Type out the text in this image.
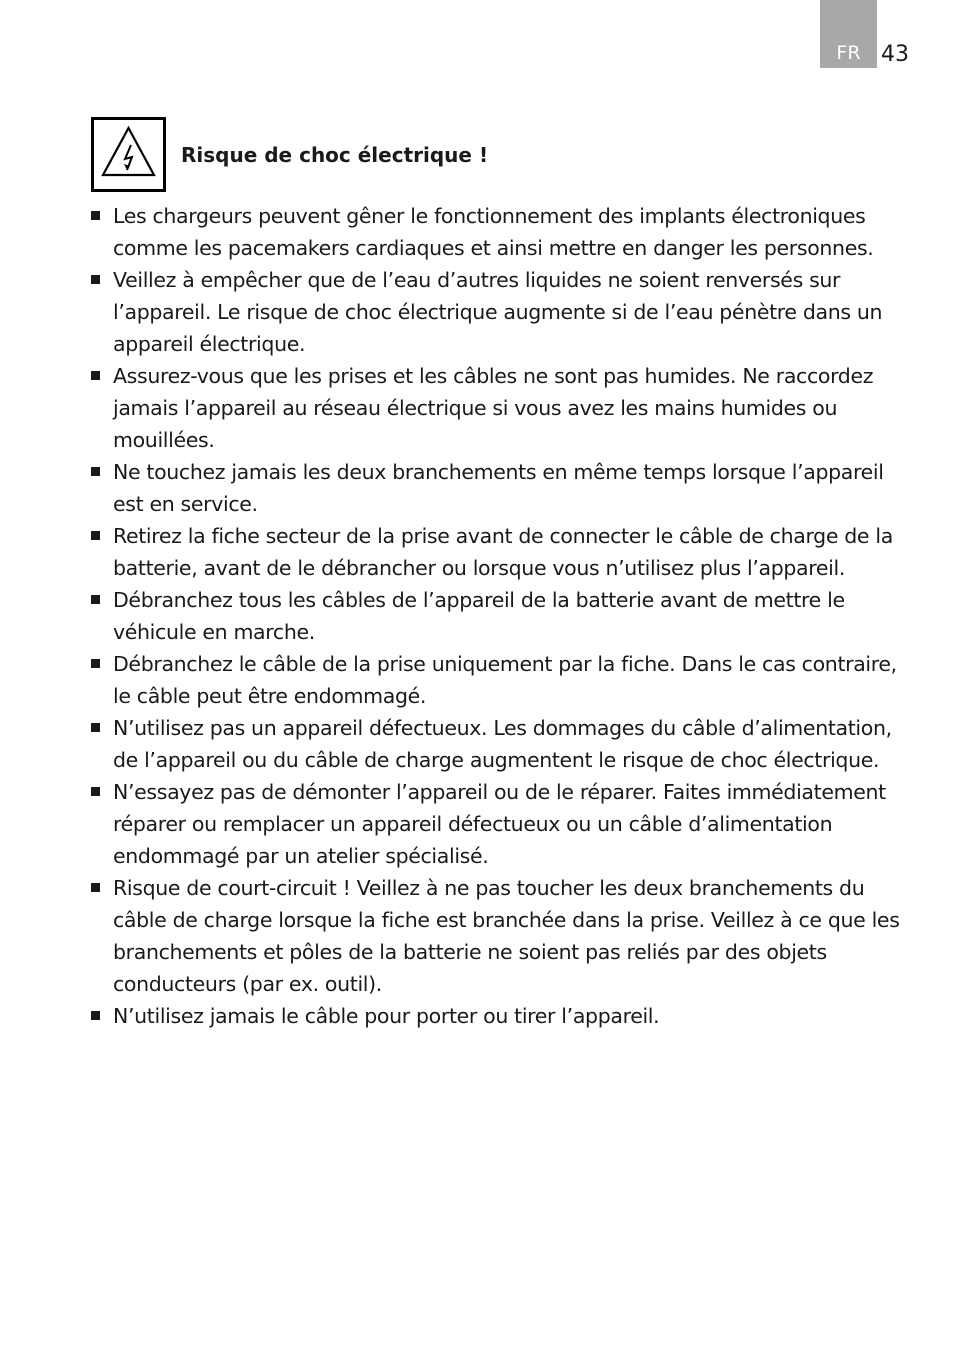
FR 43
Risque de choc électrique !
Les chargeurs peuvent gêner le fonctionnement des implants électroniques comme les pacemakers cardiaques et ainsi mettre en danger les personnes.
Veillez à empêcher que de l’eau d’autres liquides ne soient renversés sur l’appareil. Le risque de choc électrique augmente si de l’eau pénètre dans un appareil électrique.
Assurez-vous que les prises et les câbles ne sont pas humides. Ne raccordez jamais l’appareil au réseau électrique si vous avez les mains humides ou mouillées.
Ne touchez jamais les deux branchements en même temps lorsque l’appareil est en service.
Retirez la fiche secteur de la prise avant de connecter le câble de charge de la batterie, avant de le débrancher ou lorsque vous n’utilisez plus l’appareil.
Débranchez tous les câbles de l’appareil de la batterie avant de mettre le véhicule en marche.
Débranchez le câble de la prise uniquement par la fiche. Dans le cas contraire, le câble peut être endommagé.
N’utilisez pas un appareil défectueux. Les dommages du câble d’alimentation, de l’appareil ou du câble de charge augmentent le risque de choc électrique.
N’essayez pas de démonter l’appareil ou de le réparer. Faites immédiatement réparer ou remplacer un appareil défectueux ou un câble d’alimentation endommagé par un atelier spécialisé.
Risque de court-circuit ! Veillez à ne pas toucher les deux branchements du câble de charge lorsque la fiche est branchée dans la prise. Veillez à ce que les branchements et pôles de la batterie ne soient pas reliés par des objets conducteurs (par ex. outil).
N’utilisez jamais le câble pour porter ou tirer l’appareil.
